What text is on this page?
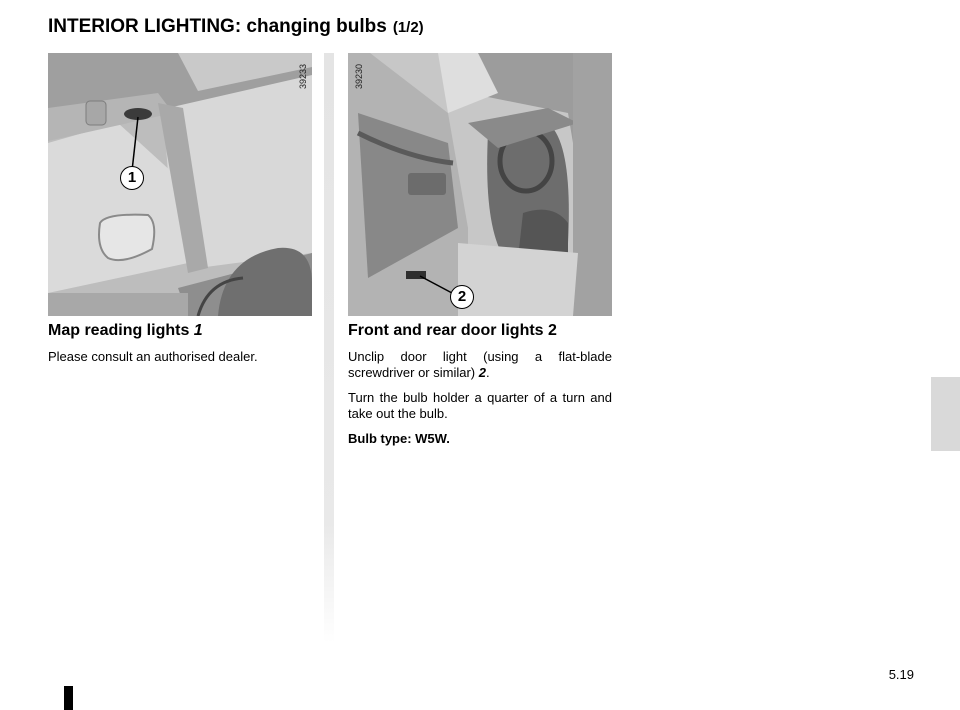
INTERIOR LIGHTING: changing bulbs (1/2)
1
39233
2
39230
Map reading lights 1

Please consult an authorised dealer.

Front and rear door lights 2

Unclip door light (using a flat-blade screwdriver or similar) 2.

Turn the bulb holder a quarter of a turn and take out the bulb.

Bulb type: W5W.

5.19
